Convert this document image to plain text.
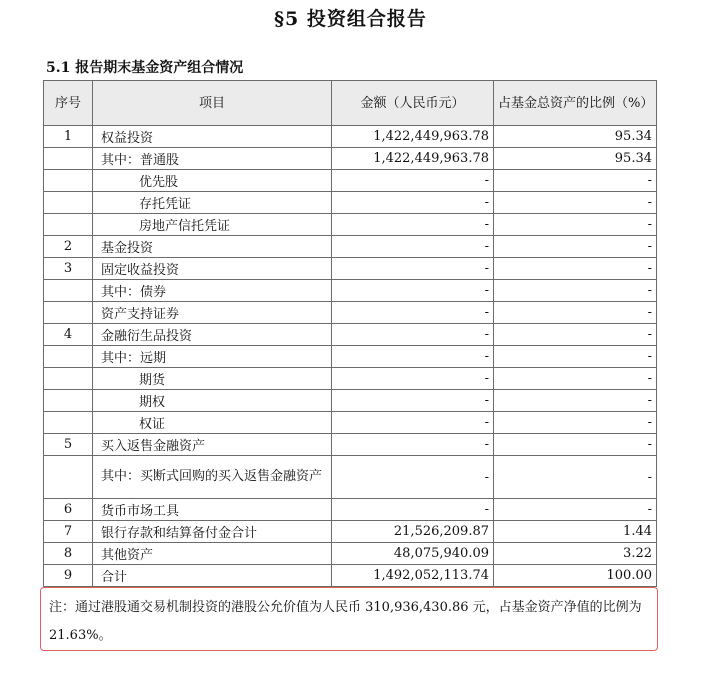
§5 投资组合报告
5.1 报告期末基金资产组合情况
序号	项目	金额（人民币元）	占基金总资产的比例（%）
1	权益投资	1,422,449,963.78	95.34
	其中：普通股	1,422,449,963.78	95.34
	优先股	-	-
	存托凭证	-	-
	房地产信托凭证	-	-
2	基金投资	-	-
3	固定收益投资	-	-
	其中：债券	-	-
	资产支持证券	-	-
4	金融衍生品投资	-	-
	其中：远期	-	-
	期货	-	-
	期权	-	-
	权证	-	-
5	买入返售金融资产	-	-
	其中：买断式回购的买入返售金融资产	-	-
6	货币市场工具	-	-
7	银行存款和结算备付金合计	21,526,209.87	1.44
8	其他资产	48,075,940.09	3.22
9	合计	1,492,052,113.74	100.00
注：通过港股通交易机制投资的港股公允价值为人民币 310,936,430.86 元，占基金资产净值的比例为 21.63%。
